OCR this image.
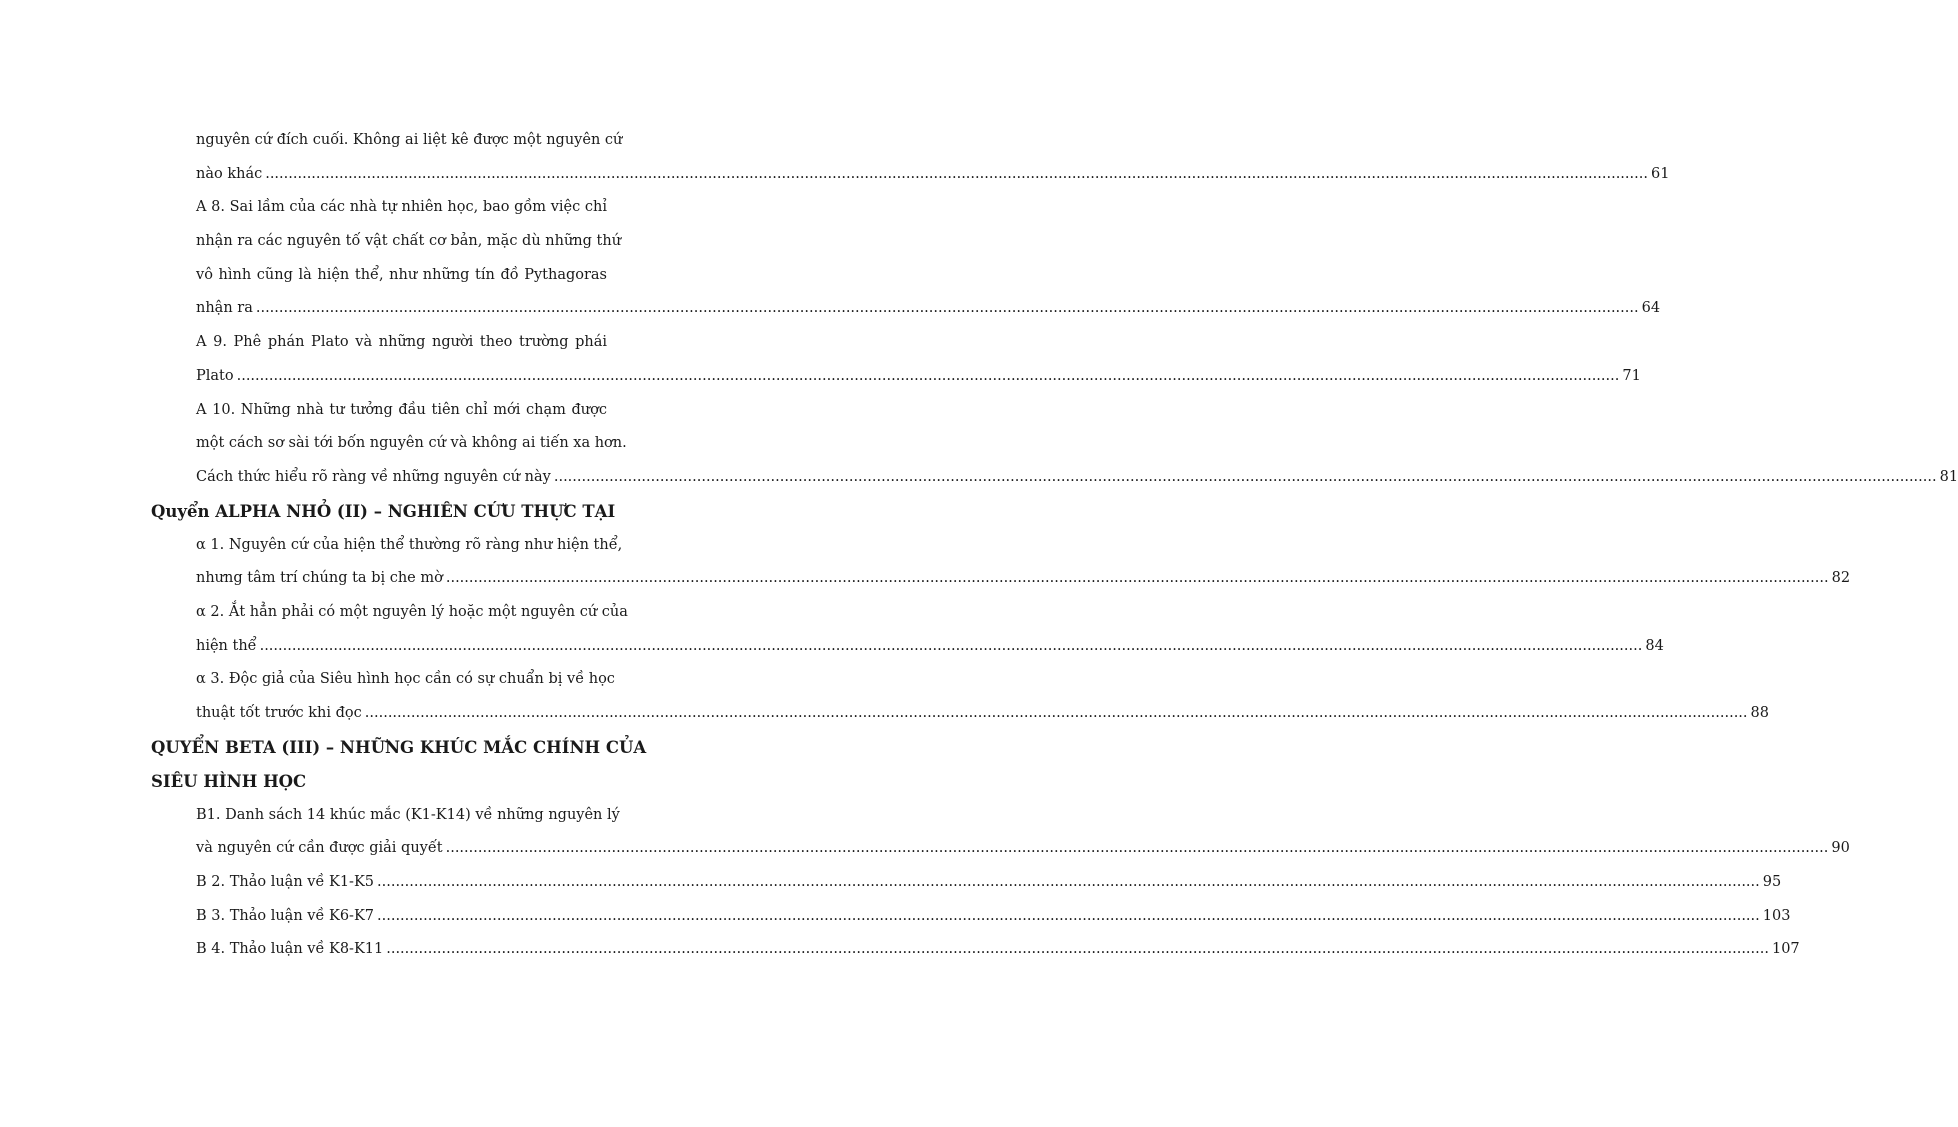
nguyên cứ đích cuối. Không ai liệt kê được một nguyên cứ
nào khác ............................................................................................................................................................................................................................................................................................................ 61
A 8. Sai lầm của các nhà tự nhiên học, bao gồm việc chỉ
nhận ra các nguyên tố vật chất cơ bản, mặc dù những thứ
vô hình cũng là hiện thể, như những tín đồ Pythagoras
nhận ra ............................................................................................................................................................................................................................................................................................................ 64
A 9. Phê phán Plato và những người theo trường phái
Plato ............................................................................................................................................................................................................................................................................................................ 71
A 10. Những nhà tư tưởng đầu tiên chỉ mới chạm được
một cách sơ sài tới bốn nguyên cứ và không ai tiến xa hơn.
Cách thức hiểu rõ ràng về những nguyên cứ này ............................................................................................................................................................................................................................................................................................................ 81
Quyển ALPHA NHỎ (II) – NGHIÊN CỨU THỰC TẠI
α 1. Nguyên cứ của hiện thể thường rõ ràng như hiện thể,
nhưng tâm trí chúng ta bị che mờ ............................................................................................................................................................................................................................................................................................................ 82
α 2. Ắt hẳn phải có một nguyên lý hoặc một nguyên cứ của
hiện thể ............................................................................................................................................................................................................................................................................................................ 84
α 3. Độc giả của Siêu hình học cần có sự chuẩn bị về học
thuật tốt trước khi đọc ............................................................................................................................................................................................................................................................................................................ 88
QUYỂN BETA (III) – NHỮNG KHÚC MẮC CHÍNH CỦA
SIÊU HÌNH HỌC
B1. Danh sách 14 khúc mắc (K1-K14) về những nguyên lý
và nguyên cứ cần được giải quyết ............................................................................................................................................................................................................................................................................................................ 90
B 2. Thảo luận về K1-K5 ............................................................................................................................................................................................................................................................................................................ 95
B 3. Thảo luận về K6-K7 ............................................................................................................................................................................................................................................................................................................ 103
B 4. Thảo luận về K8-K11 ............................................................................................................................................................................................................................................................................................................ 107
